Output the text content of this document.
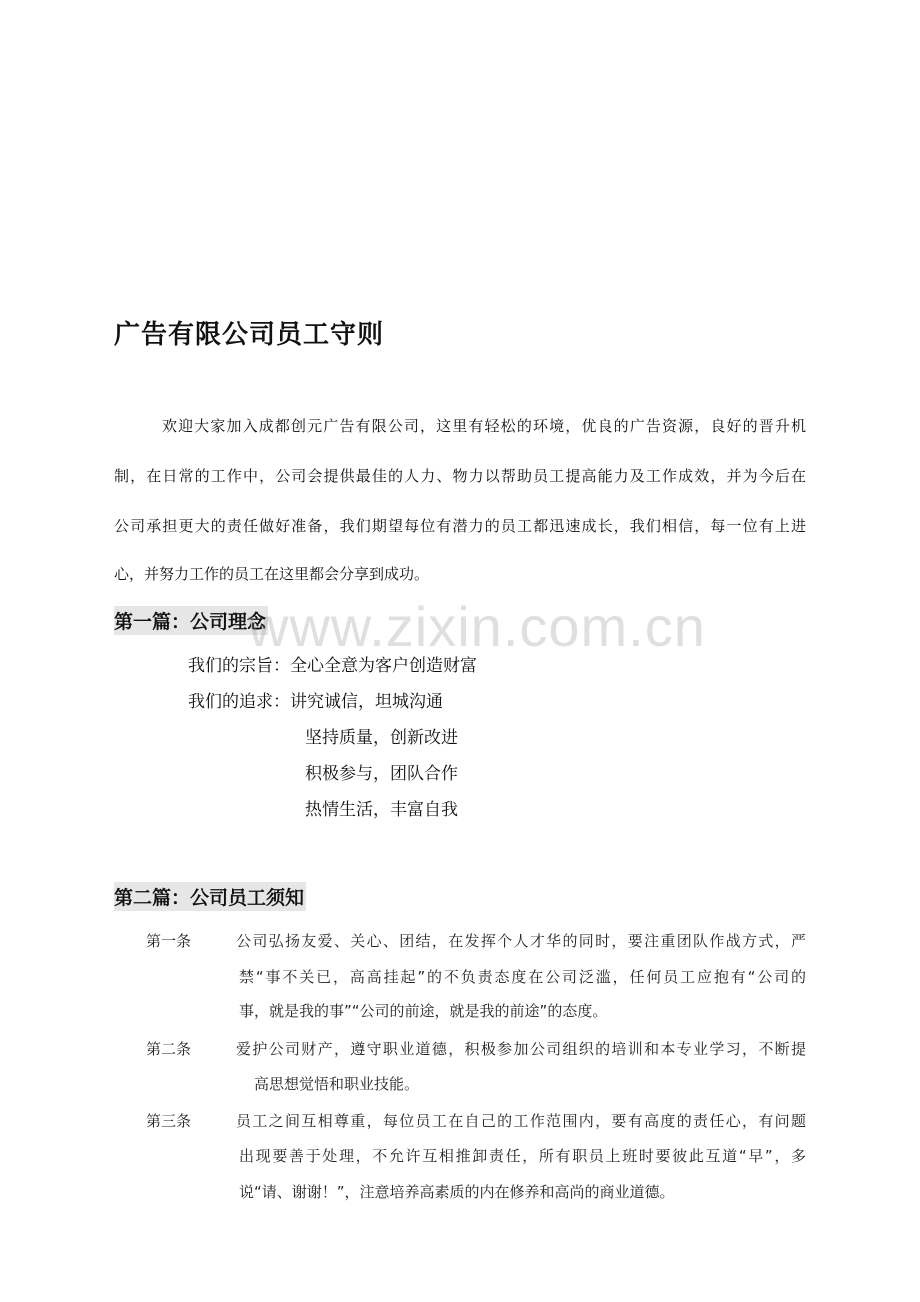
广告有限公司员工守则

欢迎大家加入成都创元广告有限公司，这里有轻松的环境，优良的广告资源，良好的晋升机

制，在日常的工作中，公司会提供最佳的人力、物力以帮助员工提高能力及工作成效，并为今后在

公司承担更大的责任做好准备，我们期望每位有潜力的员工都迅速成长，我们相信，每一位有上进

心，并努力工作的员工在这里都会分享到成功。

第一篇：公司理念

我们的宗旨：全心全意为客户创造财富

我们的追求：讲究诚信，坦城沟通

坚持质量，创新改进

积极参与，团队合作

热情生活，丰富自我

第二篇：公司员工须知
第一条	公司弘扬友爱、关心、团结，在发挥个人才华的同时，要注重团队作战方式，严

禁“事不关已，高高挂起”的不负责态度在公司泛滥，任何员工应抱有“公司的

事，就是我的事”“公司的前途，就是我的前途”的态度。

第二条	爱护公司财产，遵守职业道德，积极参加公司组织的培训和本专业学习，不断提

高思想觉悟和职业技能。

第三条	员工之间互相尊重，每位员工在自己的工作范围内，要有高度的责任心，有问题

出现要善于处理，不允许互相推卸责任，所有职员上班时要彼此互道“早”，多

说“请、谢谢！”，注意培养高素质的内在修养和高尚的商业道德。

www.zixin.com.cn
